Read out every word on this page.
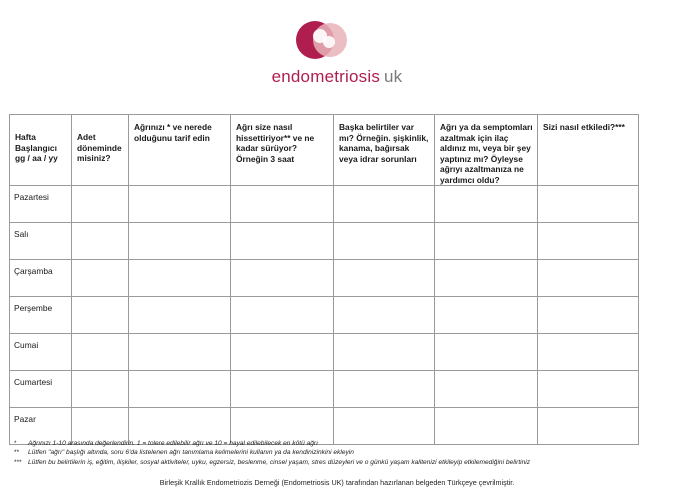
endometriosis uk
Hafta Başlangıcı gg / aa / yy	Adet döneminde misiniz?	Ağrınızı * ve nerede olduğunu tarif edin	Ağrı size nasıl hissettiriyor** ve ne kadar sürüyor? Örneğin 3 saat	Başka belirtiler var mı? Örneğin. şişkinlik, kanama, bağırsak veya idrar sorunları	Ağrı ya da semptomları azaltmak için ilaç aldınız mı, veya bir şey yaptınız mı? Öyleyse ağrıyı azaltmanıza ne yardımcı oldu?	Sizi nasıl etkiledi?***
Pazartesi						
Salı						
Çarşamba						
Perşembe						
Cumai						
Cumartesi						
Pazar						
* Ağrınızı 1-10 arasında değerlendirin. 1 = tolere edilebilir ağrı ve 10 = hayal edilebilecek en kötü ağrı
** Lütfen "ağrı" başlığı altında, soru 6'da listelenen ağrı tanımlama kelimelerini kullanın ya da kendinizinkini ekleyin
*** Lütfen bu belirtilerin iş, eğitim, ilişkiler, sosyal aktiviteler, uyku, egzersiz, beslenme, cinsel yaşam, stres düzeyleri ve o günkü yaşam kalitenizi etkileyip etkilemediğini belirtiniz
Birleşik Krallık Endometriozis Derneği (Endometriosis UK) tarafından hazırlanan belgeden Türkçeye çevrilmiştir.
